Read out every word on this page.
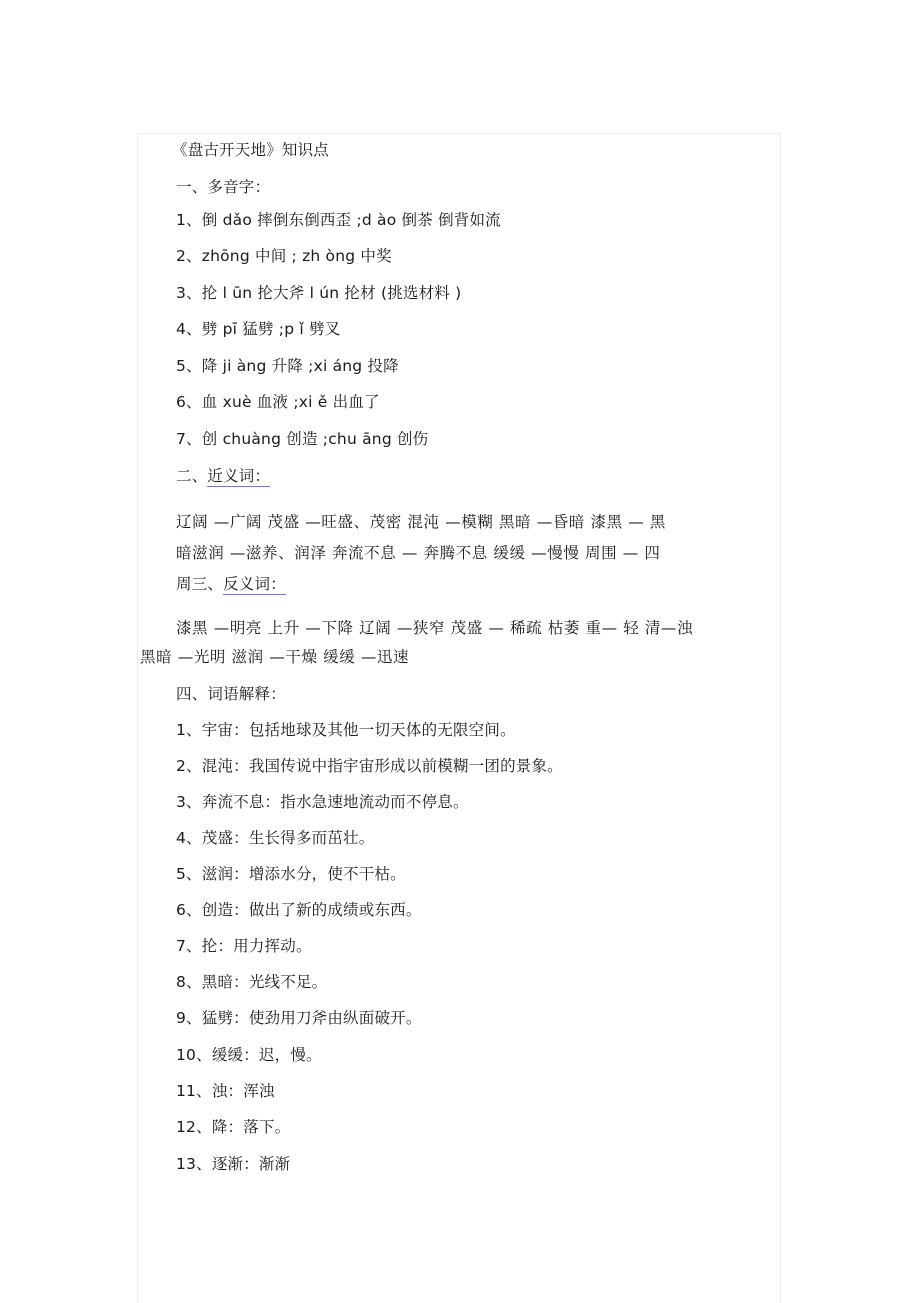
《盘古开天地》知识点
一、多音字：
1、倒 dǎo 摔倒东倒西歪 ;d ào 倒茶 倒背如流
2、zhōng 中间 ; zh òng 中奖
3、抡 l ūn 抡大斧 l ún 抡材 (挑选材料 )
4、劈 pī 猛劈 ;p ǐ 劈叉
5、降 ji àng 升降 ;xi áng 投降
6、血 xuè 血液 ;xi ě 出血了
7、创 chuàng 创造 ;chu āng 创伤
二、近义词：
辽阔 —广阔 茂盛 —旺盛、茂密 混沌 —模糊 黑暗 —昏暗 漆黑 — 黑
暗滋润 —滋养、润泽 奔流不息 — 奔腾不息 缓缓 —慢慢 周围 — 四
周三、反义词：
漆黑 —明亮 上升 —下降 辽阔 —狭窄 茂盛 — 稀疏 枯萎 重— 轻 清—浊
黑暗 —光明 滋润 —干燥 缓缓 —迅速
四、词语解释：
1、宇宙：包括地球及其他一切天体的无限空间。
2、混沌：我国传说中指宇宙形成以前模糊一团的景象。
3、奔流不息：指水急速地流动而不停息。
4、茂盛：生长得多而茁壮。
5、滋润：增添水分，使不干枯。
6、创造：做出了新的成绩或东西。
7、抡：用力挥动。
8、黑暗：光线不足。
9、猛劈：使劲用刀斧由纵面破开。
10、缓缓：迟，慢。
11、浊：浑浊
12、降：落下。
13、逐渐：渐渐
